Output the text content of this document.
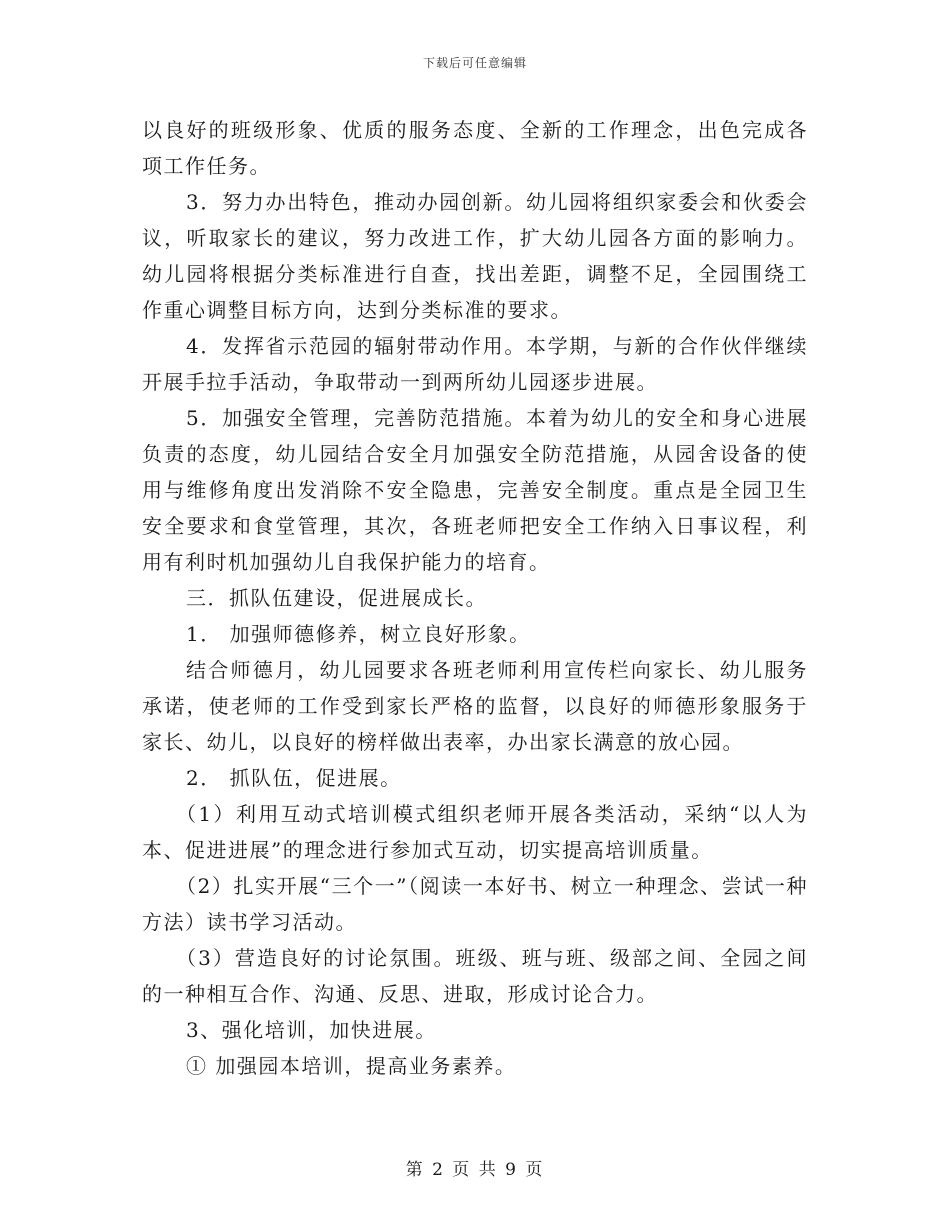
下载后可任意编辑

以良好的班级形象、优质的服务态度、全新的工作理念，出色完成各项工作任务。

3．努力办出特色，推动办园创新。幼儿园将组织家委会和伙委会议，听取家长的建议，努力改进工作，扩大幼儿园各方面的影响力。幼儿园将根据分类标准进行自查，找出差距，调整不足，全园围绕工作重心调整目标方向，达到分类标准的要求。

4．发挥省示范园的辐射带动作用。本学期，与新的合作伙伴继续开展手拉手活动，争取带动一到两所幼儿园逐步进展。

5．加强安全管理，完善防范措施。本着为幼儿的安全和身心进展负责的态度，幼儿园结合安全月加强安全防范措施，从园舍设备的使用与维修角度出发消除不安全隐患，完善安全制度。重点是全园卫生安全要求和食堂管理，其次，各班老师把安全工作纳入日事议程，利用有利时机加强幼儿自我保护能力的培育。

三．抓队伍建设，促进展成长。

1． 加强师德修养，树立良好形象。

结合师德月，幼儿园要求各班老师利用宣传栏向家长、幼儿服务承诺，使老师的工作受到家长严格的监督，以良好的师德形象服务于家长、幼儿，以良好的榜样做出表率，办出家长满意的放心园。

2． 抓队伍，促进展。

（1）利用互动式培训模式组织老师开展各类活动，采纳“以人为本、促进进展”的理念进行参加式互动，切实提高培训质量。

（2）扎实开展“三个一”（阅读一本好书、树立一种理念、尝试一种方法）读书学习活动。

（3）营造良好的讨论氛围。班级、班与班、级部之间、全园之间的一种相互合作、沟通、反思、进取，形成讨论合力。

3、强化培训，加快进展。

① 加强园本培训，提高业务素养。

第 2 页 共 9 页
